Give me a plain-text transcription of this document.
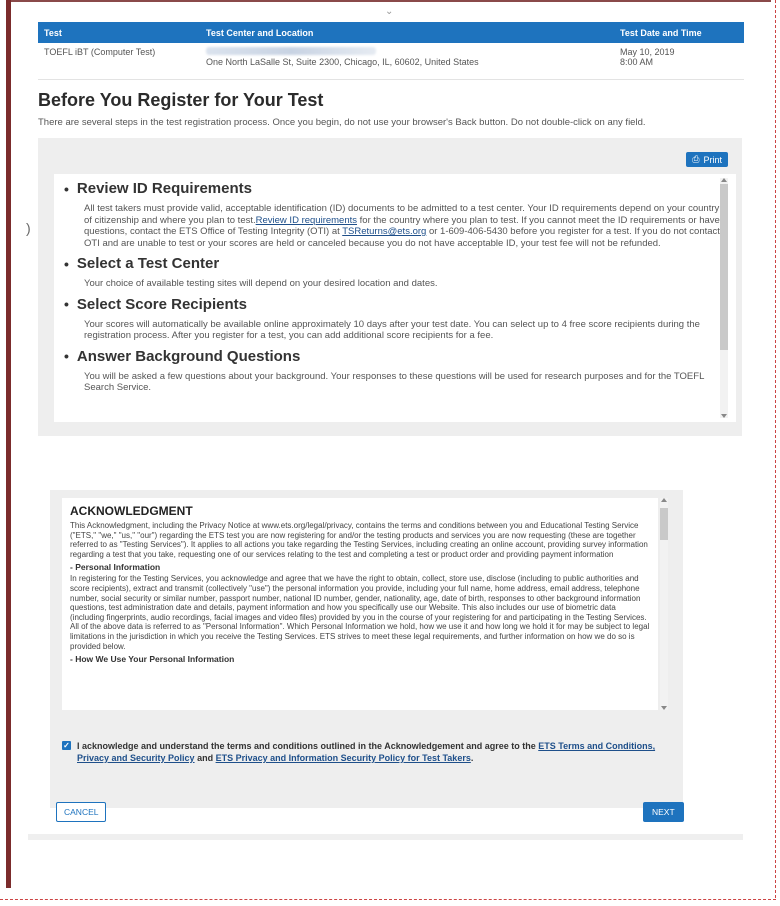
⌄
Test	Test Center and Location	Test Date and Time
TOEFL iBT (Computer Test)	One North LaSalle St, Suite 2300, Chicago, IL, 60602, United States	May 10, 2019
8:00 AM
Before You Register for Your Test
There are several steps in the test registration process. Once you begin, do not use your browser's Back button. Do not double-click on any field.
)
⎙ Print
• Review ID Requirements
All test takers must provide valid, acceptable identification (ID) documents to be admitted to a test center. Your ID requirements depend on your country of citizenship and where you plan to test.Review ID requirements for the country where you plan to test. If you cannot meet the ID requirements or have questions, contact the ETS Office of Testing Integrity (OTI) at TSReturns@ets.org or 1-609-406-5430 before you register for a test. If you do not contact OTI and are unable to test or your scores are held or canceled because you do not have acceptable ID, your test fee will not be refunded.
• Select a Test Center
Your choice of available testing sites will depend on your desired location and dates.
• Select Score Recipients
Your scores will automatically be available online approximately 10 days after your test date. You can select up to 4 free score recipients during the registration process. After you register for a test, you can add additional score recipients for a fee.
• Answer Background Questions
You will be asked a few questions about your background. Your responses to these questions will be used for research purposes and for the TOEFL Search Service.
ACKNOWLEDGMENT

This Acknowledgment, including the Privacy Notice at www.ets.org/legal/privacy, contains the terms and conditions between you and Educational Testing Service ("ETS," "we," "us," "our") regarding the ETS test you are now registering for and/or the testing products and services you are now requesting (these are together referred to as "Testing Services"). It applies to all actions you take regarding the Testing Services, including creating an online account, providing survey information regarding a test that you take, requesting one of our services relating to the test and completing a test or product order and providing payment information

- Personal Information

In registering for the Testing Services, you acknowledge and agree that we have the right to obtain, collect, store use, disclose (including to public authorities and score recipients), extract and transmit (collectively "use") the personal information you provide, including your full name, home address, email address, telephone number, social security or similar number, passport number, national ID number, gender, nationality, age, date of birth, responses to other background information questions, test administration date and details, payment information and how you specifically use our Website. This also includes our use of biometric data (including fingerprints, audio recordings, facial images and video files) provided by you in the course of your registering for and participating in the Testing Services. All of the above data is referred to as "Personal Information". Which Personal Information we hold, how we use it and how long we hold it for may be subject to legal limitations in the jurisdiction in which you receive the Testing Services. ETS strives to meet these legal requirements, and further information on how we do so is provided below.

- How We Use Your Personal Information
✓ I acknowledge and understand the terms and conditions outlined in the Acknowledgement and agree to the ETS Terms and Conditions, Privacy and Security Policy and ETS Privacy and Information Security Policy for Test Takers.
CANCEL	NEXT
